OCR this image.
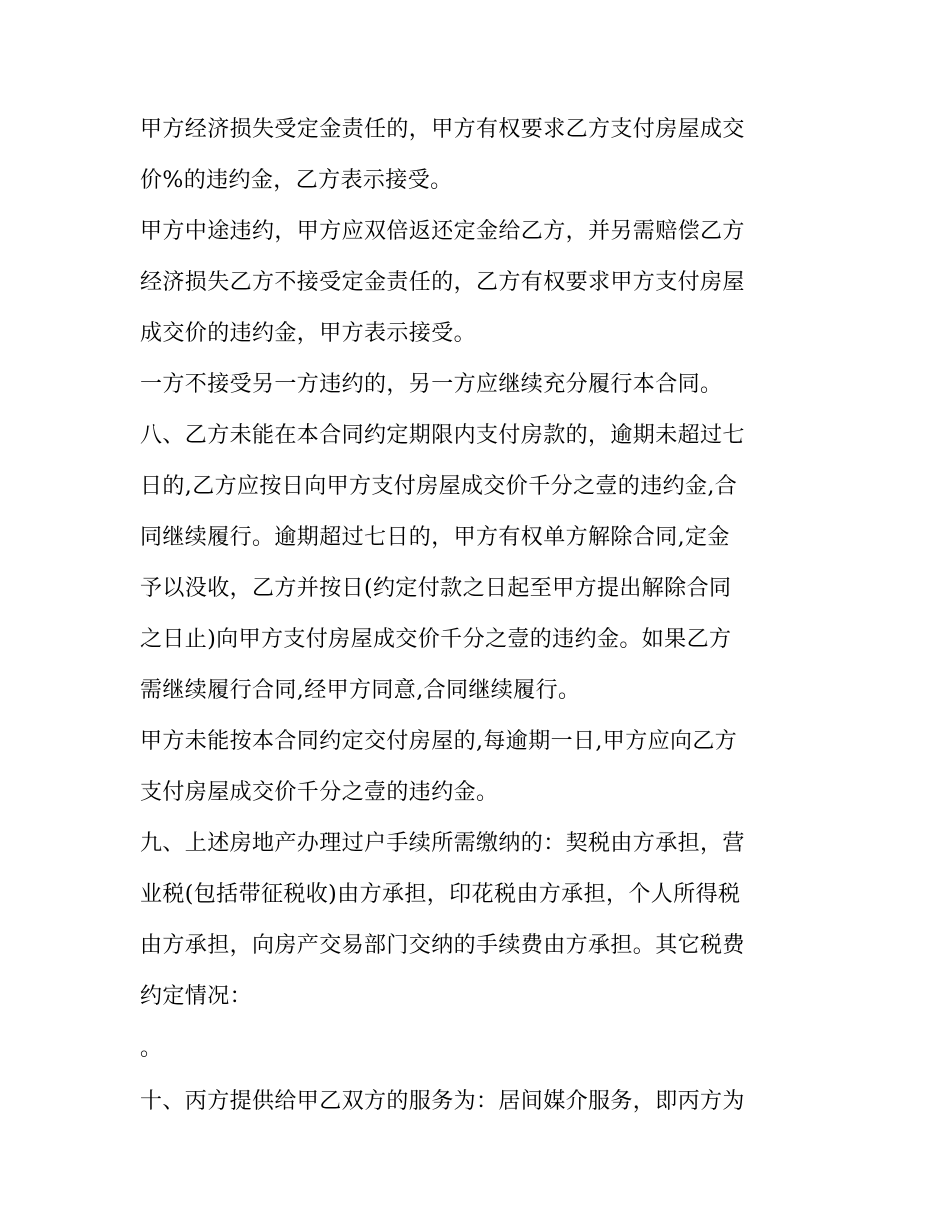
甲方经济损失受定金责任的，甲方有权要求乙方支付房屋成交
价%的违约金，乙方表示接受。
甲方中途违约，甲方应双倍返还定金给乙方，并另需赔偿乙方
经济损失乙方不接受定金责任的，乙方有权要求甲方支付房屋
成交价的违约金，甲方表示接受。
一方不接受另一方违约的，另一方应继续充分履行本合同。
八、乙方未能在本合同约定期限内支付房款的，逾期未超过七
日的,乙方应按日向甲方支付房屋成交价千分之壹的违约金,合
同继续履行。逾期超过七日的，甲方有权单方解除合同,定金
予以没收，乙方并按日(约定付款之日起至甲方提出解除合同
之日止)向甲方支付房屋成交价千分之壹的违约金。如果乙方
需继续履行合同,经甲方同意,合同继续履行。
甲方未能按本合同约定交付房屋的,每逾期一日,甲方应向乙方
支付房屋成交价千分之壹的违约金。
九、上述房地产办理过户手续所需缴纳的：契税由方承担，营
业税(包括带征税收)由方承担，印花税由方承担，个人所得税
由方承担，向房产交易部门交纳的手续费由方承担。其它税费
约定情况：
。
十、丙方提供给甲乙双方的服务为：居间媒介服务，即丙方为
